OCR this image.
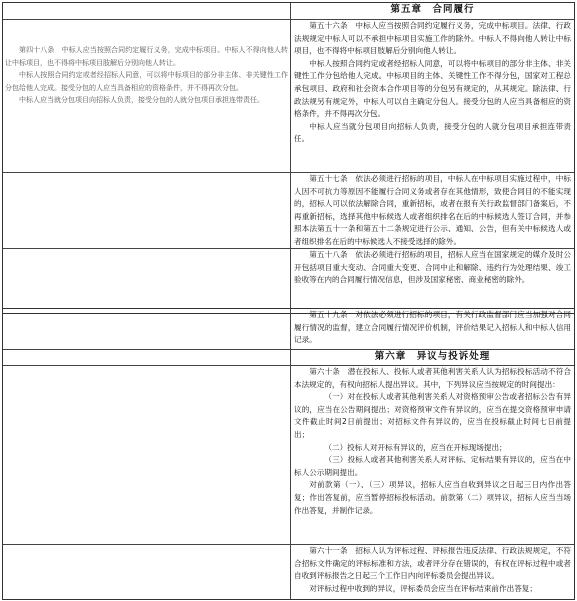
第五章　合同履行

第四十八条　中标人应当按照合同约定履行义务，完成中标项目。中标人不得向他人转让中标项目，也不得将中标项目肢解后分别向他人转让。

中标人按照合同约定或者经招标人同意，可以将中标项目的部分非主体、非关键性工作分包给他人完成。接受分包的人应当具备相应的资格条件，并不得再次分包。

中标人应当就分包项目向招标人负责，接受分包的人就分包项目承担连带责任。

第五十六条　中标人应当按照合同约定履行义务，完成中标项目。法律、行政法规规定中标人可以不承担中标项目实施工作的除外。中标人不得向他人转让中标项目，也不得将中标项目肢解后分别向他人转让。

中标人按照合同约定或者经招标人同意，可以将中标项目的部分非主体、非关键性工作分包给他人完成。中标项目的主体、关键性工作不得分包，国家对工程总承包项目、政府和社会资本合作项目等的分包另有规定的，从其规定。除法律、行政法规另有规定外，中标人可以自主确定分包人。接受分包的人应当具备相应的资格条件，并不得再次分包。

中标人应当就分包项目向招标人负责，接受分包的人就分包项目承担连带责任。

第五十七条　依法必须进行招标的项目，中标人在中标项目实施过程中，中标人因不可抗力等原因不能履行合同义务或者存在其他情形，致使合同目的不能实现的，招标人可以依法解除合同，重新招标，或者在报有关行政监督部门备案后，不再重新招标，选择其他中标候选人或者组织排名在后的中标候选人签订合同，并参照本法第五十一条和第五十二条规定进行公示、通知、公告，但有关中标候选人或者组织排名在后的中标候选人不接受选择的除外。

第五十八条　依法必须进行招标的项目，招标人应当在国家规定的媒介及时公开包括项目重大变动、合同重大变更、合同中止和解除、违约行为处理结果、竣工验收等在内的合同履行情况信息，但涉及国家秘密、商业秘密的除外。

第五十九条　对依法必须进行招标的项目，有关行政监督部门应当加强对合同履行情况的监督，建立合同履行情况评价机制，评价结果记入招标人和中标人信用记录。

第六章　异议与投诉处理

第六十条　潜在投标人、投标人或者其他利害关系人认为招标投标活动不符合本法规定的，有权向招标人提出异议。其中，下列异议应当按规定的时间提出：

（一）对在投标人或者其他利害关系人对资格预审公告或者招标公告有异议的，应当在公告期间提出；对资格预审文件有异议的，应当在提交资格预审申请文件截止时间2日前提出；对招标文件有异议的，应当在投标截止时间七日前提出；

（二）投标人对开标有异议的，应当在开标现场提出；

（三）投标人或者其他利害关系人对评标、定标结果有异议的，应当在中标人公示期间提出。

对前款第（一）、（三）项异议，招标人应当自收到异议之日起三日内作出答复；作出答复前，应当暂停招标投标活动。前款第（二）项异议，招标人应当当场作出答复，并制作记录。

第六十一条　招标人认为评标过程、评标报告违反法律、行政法规规定，不符合招标文件确定的评标标准和方法，或者评分存在错误的，有权在评标过程中或者自收到评标报告之日起三个工作日内向评标委员会提出异议。

对评标过程中收到的异议，评标委员会应当在评标结束前作出答复；
